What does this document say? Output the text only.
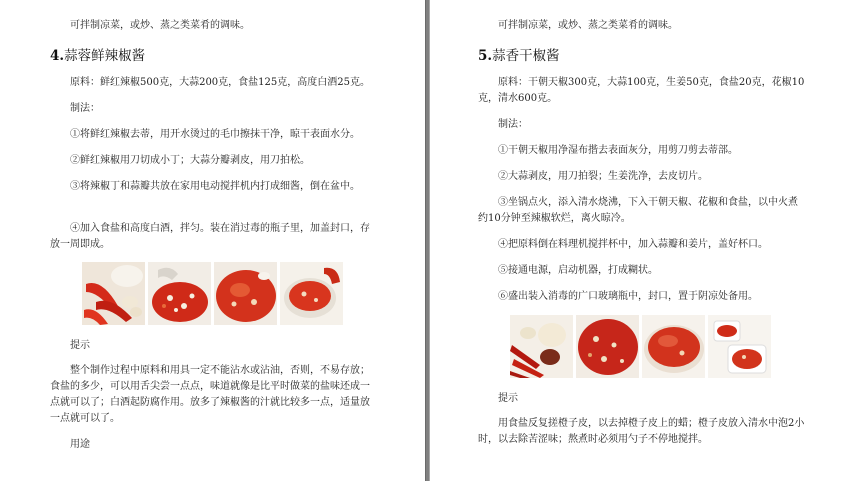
可拌制凉菜，或炒、蒸之类菜肴的调味。
4.蒜蓉鲜辣椒酱
原料：鲜红辣椒500克，大蒜200克，食盐125克，高度白酒25克。
制法：
①将鲜红辣椒去蒂，用开水烫过的毛巾擦抹干净，晾干表面水分。
②鲜红辣椒用刀切成小丁；大蒜分瓣剥皮，用刀拍松。
③将辣椒丁和蒜瓣共放在家用电动搅拌机内打成细酱，倒在盆中。
④加入食盐和高度白酒，拌匀。装在消过毒的瓶子里，加盖封口，存放一周即成。
提示
整个制作过程中原料和用具一定不能沾水或沾油，否则，不易存放；食盐的多少，可以用舌尖尝一点点，味道就像是比平时做菜的盐味还成一点就可以了；白酒起防腐作用。放多了辣椒酱的汁就比较多一点，适量放一点就可以了。
用途
可拌制凉菜，或炒、蒸之类菜肴的调味。
5.蒜香干椒酱
原料：干朝天椒300克，大蒜100克，生姜50克，食盐20克，花椒10克，清水600克。
制法：
①干朝天椒用净湿布揩去表面灰分，用剪刀剪去蒂部。
②大蒜剥皮，用刀拍裂；生姜洗净，去皮切片。
③坐锅点火，添入清水烧沸，下入干朝天椒、花椒和食盐，以中火煮约10分钟至辣椒软烂，离火晾冷。
④把原料倒在料理机搅拌杯中，加入蒜瓣和姜片，盖好杯口。
⑤接通电源，启动机器，打成糊状。
⑥盛出装入消毒的广口玻璃瓶中，封口，置于阴凉处备用。
提示
用食盐反复搓橙子皮，以去掉橙子皮上的蜡；橙子皮放入清水中泡2小时，以去除苦涩味；熬煮时必须用勺子不停地搅拌。
